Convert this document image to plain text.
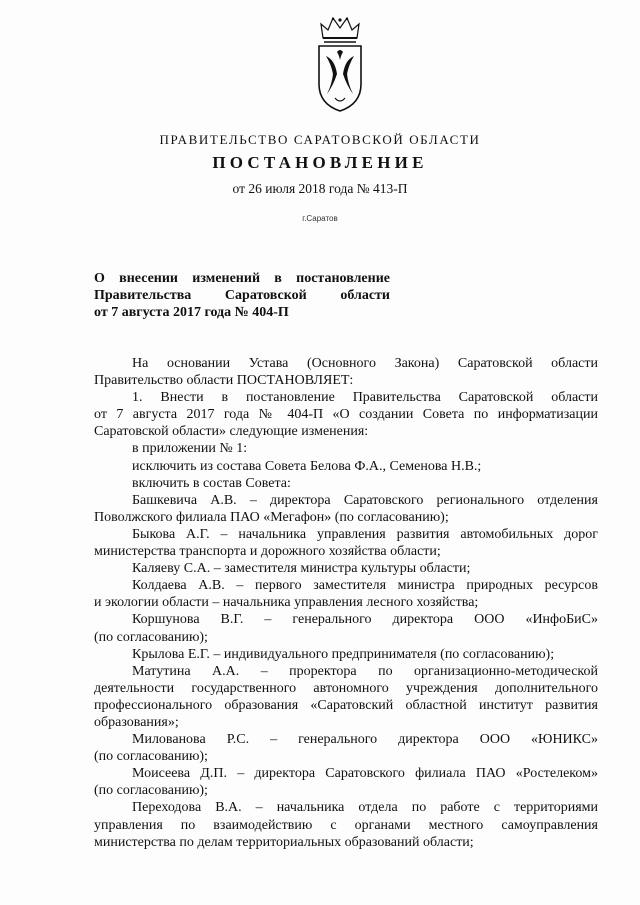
ПРАВИТЕЛЬСТВО САРАТОВСКОЙ ОБЛАСТИ
ПОСТАНОВЛЕНИЕ
от 26 июля 2018 года № 413-П
г.Саратов
О внесении изменений в постановление
Правительства Саратовской области
от 7 августа 2017 года № 404-П
На основании Устава (Основного Закона) Саратовской области
Правительство области ПОСТАНОВЛЯЕТ:
1. Внести в постановление Правительства Саратовской области
от 7 августа 2017 года № 404-П «О создании Совета по информатизации
Саратовской области» следующие изменения:
в приложении № 1:
исключить из состава Совета Белова Ф.А., Семенова Н.В.;
включить в состав Совета:
Башкевича А.В. – директора Саратовского регионального отделения
Поволжского филиала ПАО «Мегафон» (по согласованию);
Быкова А.Г. – начальника управления развития автомобильных дорог
министерства транспорта и дорожного хозяйства области;
Каляеву С.А. – заместителя министра культуры области;
Колдаева А.В. – первого заместителя министра природных ресурсов
и экологии области – начальника управления лесного хозяйства;
Коршунова В.Г. – генерального директора ООО «ИнфоБиС»
(по согласованию);
Крылова Е.Г. – индивидуального предпринимателя (по согласованию);
Матутина А.А. – проректора по организационно-методической
деятельности государственного автономного учреждения дополнительного
профессионального образования «Саратовский областной институт развития
образования»;
Милованова Р.С. – генерального директора ООО «ЮНИКС»
(по согласованию);
Моисеева Д.П. – директора Саратовского филиала ПАО «Ростелеком»
(по согласованию);
Переходова В.А. – начальника отдела по работе с территориями
управления по взаимодействию с органами местного самоуправления
министерства по делам территориальных образований области;
